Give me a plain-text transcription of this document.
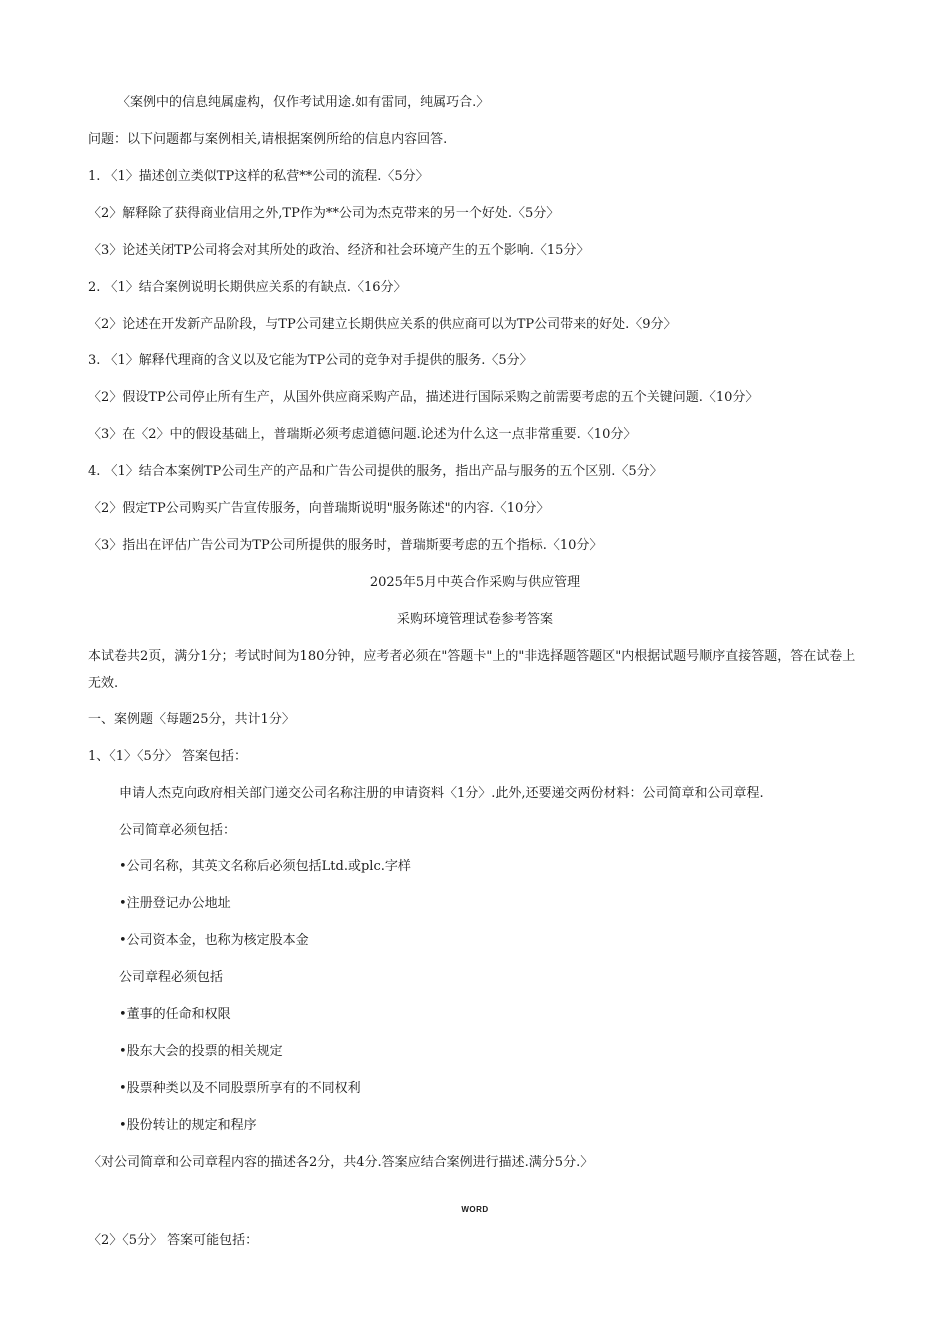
〈案例中的信息纯属虚构，仅作考试用途.如有雷同，纯属巧合.〉
问题：以下问题都与案例相关,请根据案例所给的信息内容回答.
1. 〈1〉描述创立类似TP这样的私营**公司的流程.〈5分〉
〈2〉解释除了获得商业信用之外,TP作为**公司为杰克带来的另一个好处.〈5分〉
〈3〉论述关闭TP公司将会对其所处的政治、经济和社会环境产生的五个影响.〈15分〉
2. 〈1〉结合案例说明长期供应关系的有缺点.〈16分〉
〈2〉论述在开发新产品阶段，与TP公司建立长期供应关系的供应商可以为TP公司带来的好处.〈9分〉
3. 〈1〉解释代理商的含义以及它能为TP公司的竞争对手提供的服务.〈5分〉
〈2〉假设TP公司停止所有生产，从国外供应商采购产品，描述进行国际采购之前需要考虑的五个关键问题.〈10分〉
〈3〉在〈2〉中的假设基础上，普瑞斯必须考虑道德问题.论述为什么这一点非常重要.〈10分〉
4. 〈1〉结合本案例TP公司生产的产品和广告公司提供的服务，指出产品与服务的五个区别.〈5分〉
〈2〉假定TP公司购买广告宣传服务，向普瑞斯说明"服务陈述"的内容.〈10分〉
〈3〉指出在评估广告公司为TP公司所提供的服务时，普瑞斯要考虑的五个指标.〈10分〉
2025年5月中英合作采购与供应管理
采购环境管理试卷参考答案
本试卷共2页，满分1分；考试时间为180分钟，应考者必须在"答题卡"上的"非选择题答题区"内根据试题号顺序直接答题，答在试卷上无效.
一、案例题〈每题25分，共计1分〉
1、〈1〉〈5分〉 答案包括：
申请人杰克向政府相关部门递交公司名称注册的申请资料〈1分〉.此外,还要递交两份材料：公司简章和公司章程.
公司简章必须包括：
•公司名称，其英文名称后必须包括Ltd.或plc.字样
•注册登记办公地址
•公司资本金，也称为核定股本金
公司章程必须包括
•董事的任命和权限
•股东大会的投票的相关规定
•股票种类以及不同股票所享有的不同权利
•股份转让的规定和程序
〈对公司简章和公司章程内容的描述各2分，共4分.答案应结合案例进行描述.满分5分.〉
WORD
〈2〉〈5分〉 答案可能包括：
